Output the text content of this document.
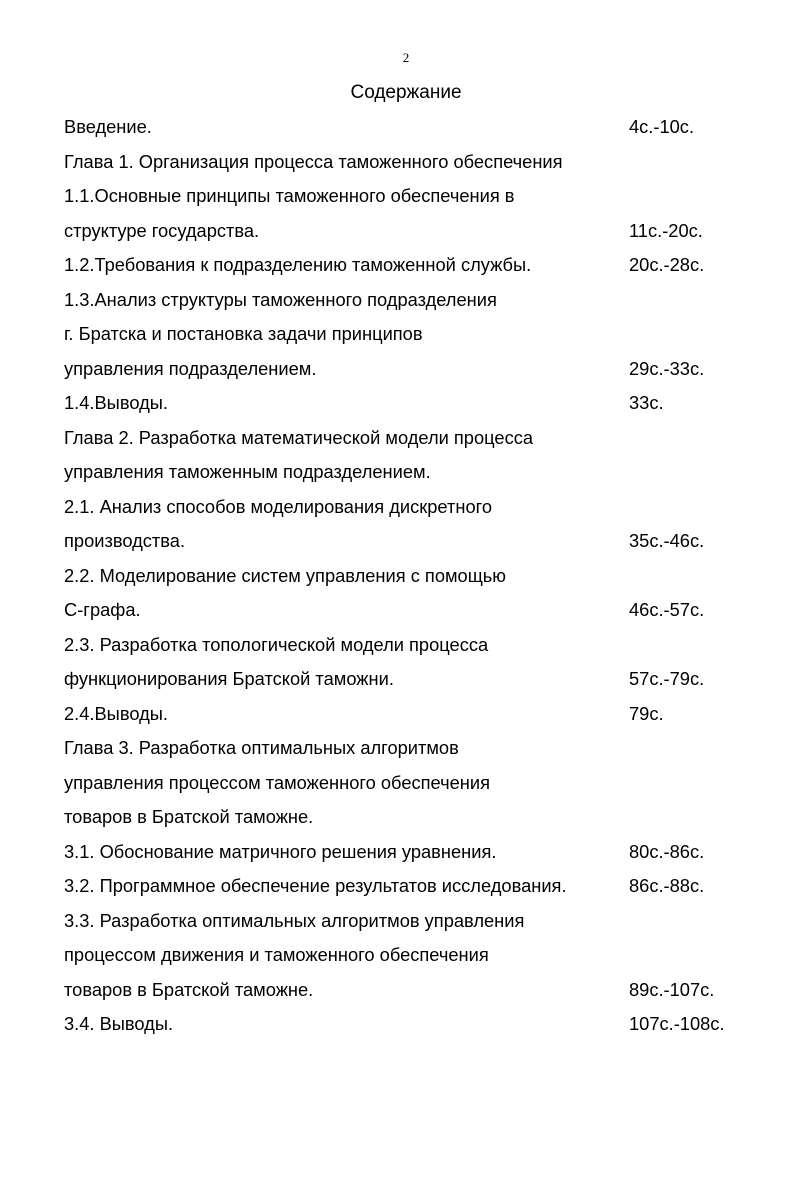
2
Содержание
Введение.	4с.-10с.
Глава 1. Организация процесса таможенного обеспечения
1.1.Основные принципы таможенного обеспечения в
структуре государства.	11с.-20с.
1.2.Требования к подразделению таможенной службы.	20с.-28с.
1.3.Анализ структуры таможенного подразделения
г. Братска и постановка задачи принципов
управления подразделением.	29с.-33с.
1.4.Выводы.	33с.
Глава 2. Разработка математической модели процесса
управления таможенным подразделением.
2.1. Анализ способов моделирования дискретного
производства.	35с.-46с.
2.2. Моделирование систем управления с помощью
С-графа.	46с.-57с.
2.3. Разработка топологической модели процесса
функционирования Братской таможни.	57с.-79с.
2.4.Выводы.	79с.
Глава 3. Разработка оптимальных алгоритмов
управления процессом таможенного обеспечения
товаров в Братской таможне.
3.1. Обоснование матричного решения уравнения.	80с.-86с.
3.2. Программное обеспечение результатов исследования.	86с.-88с.
3.3. Разработка оптимальных алгоритмов управления
процессом движения и таможенного обеспечения
товаров в Братской таможне.	89с.-107с.
3.4. Выводы.	107с.-108с.
